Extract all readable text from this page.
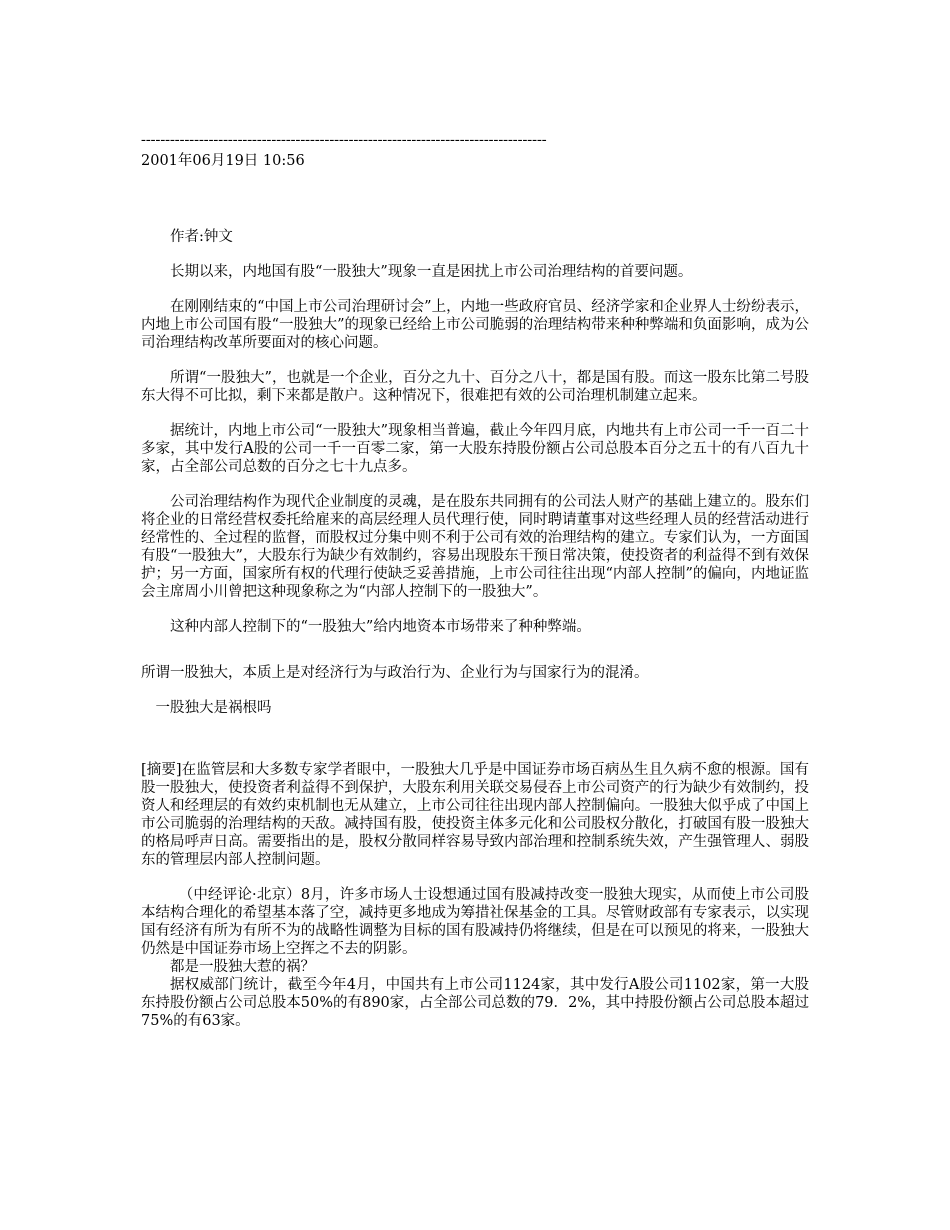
------------------------------------------------------------------------------------
2001年06月19日 10:56

作者:钟文

长期以来，内地国有股“一股独大”现象一直是困扰上市公司治理结构的首要问题。

在刚刚结束的“中国上市公司治理研讨会”上，内地一些政府官员、经济学家和企业界人士纷纷表示，内地上市公司国有股“一股独大”的现象已经给上市公司脆弱的治理结构带来种种弊端和负面影响，成为公司治理结构改革所要面对的核心问题。

所谓“一股独大”，也就是一个企业，百分之九十、百分之八十，都是国有股。而这一股东比第二号股东大得不可比拟，剩下来都是散户。这种情况下，很难把有效的公司治理机制建立起来。

据统计，内地上市公司“一股独大”现象相当普遍，截止今年四月底，内地共有上市公司一千一百二十多家，其中发行A股的公司一千一百零二家，第一大股东持股份额占公司总股本百分之五十的有八百九十家，占全部公司总数的百分之七十九点多。

公司治理结构作为现代企业制度的灵魂，是在股东共同拥有的公司法人财产的基础上建立的。股东们将企业的日常经营权委托给雇来的高层经理人员代理行使，同时聘请董事对这些经理人员的经营活动进行经常性的、全过程的监督，而股权过分集中则不利于公司有效的治理结构的建立。专家们认为，一方面国有股“一股独大”，大股东行为缺少有效制约，容易出现股东干预日常决策，使投资者的利益得不到有效保护；另一方面，国家所有权的代理行使缺乏妥善措施，上市公司往往出现“内部人控制”的偏向，内地证监会主席周小川曾把这种现象称之为“内部人控制下的一股独大”。

这种内部人控制下的“一股独大”给内地资本市场带来了种种弊端。

所谓一股独大，本质上是对经济行为与政治行为、企业行为与国家行为的混淆。

一股独大是祸根吗

[摘要]在监管层和大多数专家学者眼中，一股独大几乎是中国证券市场百病丛生且久病不愈的根源。国有股一股独大，使投资者利益得不到保护，大股东利用关联交易侵吞上市公司资产的行为缺少有效制约，投资人和经理层的有效约束机制也无从建立，上市公司往往出现内部人控制偏向。一股独大似乎成了中国上市公司脆弱的治理结构的天敌。减持国有股，使投资主体多元化和公司股权分散化，打破国有股一股独大的格局呼声日高。需要指出的是，股权分散同样容易导致内部治理和控制系统失效，产生强管理人、弱股东的管理层内部人控制问题。

（中经评论·北京）8月，许多市场人士设想通过国有股减持改变一股独大现实，从而使上市公司股本结构合理化的希望基本落了空，减持更多地成为筹措社保基金的工具。尽管财政部有专家表示，以实现国有经济有所为有所不为的战略性调整为目标的国有股减持仍将继续，但是在可以预见的将来，一股独大仍然是中国证券市场上空挥之不去的阴影。

都是一股独大惹的祸？

据权威部门统计，截至今年4月，中国共有上市公司1124家，其中发行A股公司1102家，第一大股东持股份额占公司总股本50%的有890家，占全部公司总数的79．2%，其中持股份额占公司总股本超过75%的有63家。
